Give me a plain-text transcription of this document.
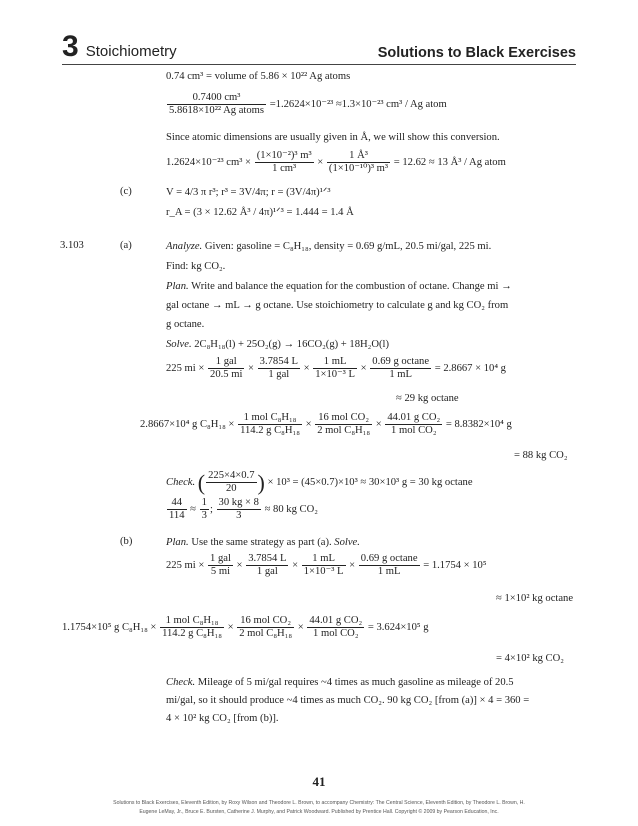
3 Stoichiometry	Solutions to Black Exercises
0.74 cm³ = volume of 5.86 × 10²² Ag atoms
$\frac{\text{0.7400 cm³}}{\text{5.8618×10²² Ag atoms}} =1.2624\times 10^{-23} \approx 1.3\times 10^{-23}$ cm³ / Ag atom
Since atomic dimensions are usually given in Å, we will show this conversion.
1.2624×10⁻²³ $cm^3 \times \frac{\text{(1×10⁻²)³ m³}}{\text{1 cm³}} \times \frac{\text{1 Å³}}{\text{(1×10⁻¹⁰)³ m³}} = 12.62 \approx 13$ Å³ / Ag atom
(c)	V = 4/3 π r³; r³ = 3V/4π; r = (3V/4π)¹ᐟ³
r_A = (3 × 12.62 Å³ / 4π)¹ᐟ³ = 1.444 = 1.4 Å
3.103	(a)	Analyze. Given: gasoline = C₈H₁₈, density = 0.69 g/mL, 20.5 mi/gal, 225 mi.
Find: kg CO₂.
Plan. Write and balance the equation for the combustion of octane. Change mi →
gal octane → mL → g octane. Use stoichiometry to calculate g and kg CO₂ from
g octane.
Solve. 2C₈H₁₈(l) + 25O₂(g) → 16CO₂(g) + 18H₂O(l)
225 mi × $\frac{\text{1 gal}}{20.5 mi} \times \frac{3.7854 L}{\text{1 gal}} \times \frac{1 mL}{\text{1×10⁻³ L}} \times \frac{\text{0.69 g octane}}{1 mL} = 2.8667 \times 10^4$ g
≈ 29 kg octane
2.8667×10⁴ g $C_8H_{18} \times \frac{\text{1 mol C₈H₁₈}}{\text{114.2 g C₈H₁₈}} \times \frac{\text{16 mol CO₂}}{\text{2 mol C₈H₁₈}} \times \frac{\text{44.01 g CO₂}}{\text{1 mol CO₂}} = 8.8382\times 10^4$ g
= 88 kg CO₂
Check. ( $\frac{225\times 4\times 0.7}{20}$ ) × 10³ = (45×0.7)×10³ ≈ 30×10³ g = 30 kg octane
$\frac{44}{114} \approx \frac{1}{3}$ ; $\frac{30 kg \times 8}{3} \approx 80$ kg CO₂
(b)	Plan. Use the same strategy as part (a). Solve.
225 mi × $\frac{\text{1 gal}}{5 mi} \times \frac{3.7854 L}{\text{1 gal}} \times \frac{1 mL}{\text{1×10⁻³ L}} \times \frac{\text{0.69 g octane}}{1 mL} = 1.1754 \times 10^5$
≈ 1×10² kg octane
1.1754×10⁵ g $C_8H_{18} \times \frac{\text{1 mol C₈H₁₈}}{\text{114.2 g C₈H₁₈}} \times \frac{\text{16 mol CO₂}}{\text{2 mol C₈H₁₈}} \times \frac{\text{44.01 g CO₂}}{\text{1 mol CO₂}} = 3.624\times 10^5$ g
= 4×10² kg CO₂
Check. Mileage of 5 mi/gal requires ~4 times as much gasoline as mileage of 20.5
mi/gal, so it should produce ~4 times as much CO₂. 90 kg CO₂ [from (a)] × 4 = 360 =
4 × 10² kg CO₂ [from (b)].
41
Solutions to Black Exercises, Eleventh Edition, by Roxy Wilson and Theodore L. Brown, to accompany Chemistry: The Central Science, Eleventh Edition, by Theodore L. Brown, H.
Eugene LeMay, Jr., Bruce E. Bursten, Catherine J. Murphy, and Patrick Woodward. Published by Prentice Hall. Copyright © 2009 by Pearson Education, Inc.
